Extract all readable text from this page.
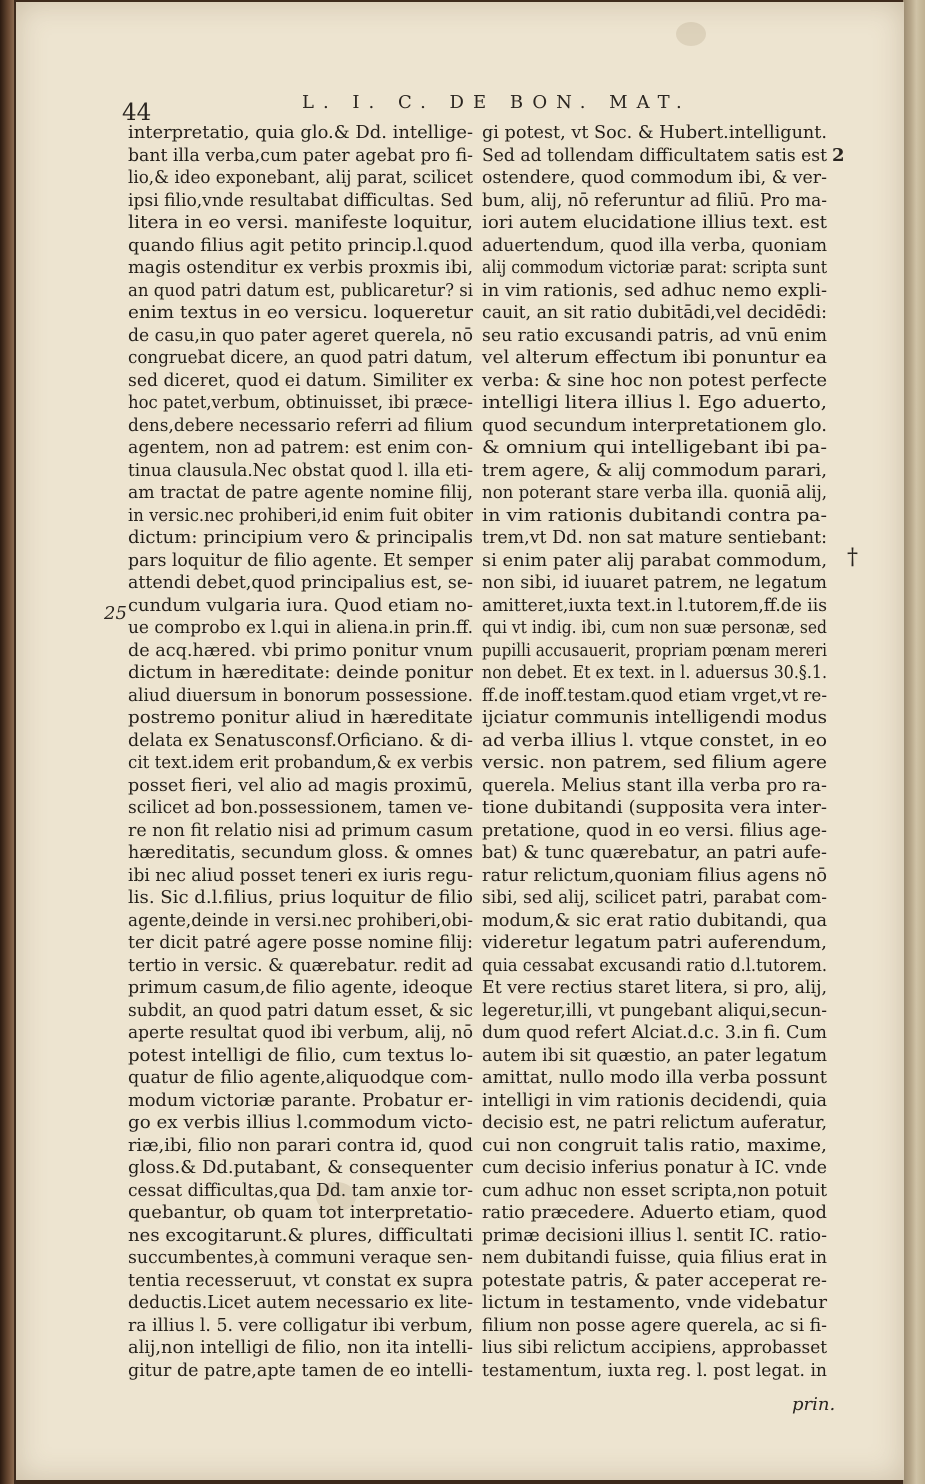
44	L. I. C. DE BON. MAT.
interpretatio, quia glo.& Dd. intellige-
bant illa verba,cum pater agebat pro fi-
lio,& ideo exponebant, alij parat, scilicet
ipsi filio,vnde resultabat difficultas. Sed
litera in eo versi. manifeste loquitur,
quando filius agit petito princip.l.quod
magis ostenditur ex verbis proxmis ibi,
an quod patri datum est, publicaretur? si
enim textus in eo versicu. loqueretur
de casu,in quo pater ageret querela, nō
congruebat dicere, an quod patri datum,
sed diceret, quod ei datum. Similiter ex
hoc patet,verbum, obtinuisset, ibi præce-
dens,debere necessario referri ad filium
agentem, non ad patrem: est enim con-
tinua clausula.Nec obstat quod l. illa eti-
am tractat de patre agente nomine filij,
in versic.nec prohiberi,id enim fuit obiter
dictum: principium vero & principalis
pars loquitur de filio agente. Et semper
attendi debet,quod principalius est, se-
cundum vulgaria iura. Quod etiam no-
ue comprobo ex l.qui in aliena.in prin.ff.
de acq.hæred. vbi primo ponitur vnum
dictum in hæreditate: deinde ponitur
aliud diuersum in bonorum possessione.
postremo ponitur aliud in hæreditate
delata ex Senatusconsf.Orficiano. & di-
cit text.idem erit probandum,& ex verbis
posset fieri, vel alio ad magis proximū,
scilicet ad bon.possessionem, tamen ve-
re non fit relatio nisi ad primum casum
hæreditatis, secundum gloss. & omnes
ibi nec aliud posset teneri ex iuris regu-
lis. Sic d.l.filius, prius loquitur de filio
agente,deinde in versi.nec prohiberi,obi-
ter dicit patré agere posse nomine filij:
tertio in versic. & quærebatur. redit ad
primum casum,de filio agente, ideoque
subdit, an quod patri datum esset, & sic
aperte resultat quod ibi verbum, alij, nō
potest intelligi de filio, cum textus lo-
quatur de filio agente,aliquodque com-
modum victoriæ parante. Probatur er-
go ex verbis illius l.commodum victo-
riæ,ibi, filio non parari contra id, quod
gloss.& Dd.putabant, & consequenter
cessat difficultas,qua Dd. tam anxie tor-
quebantur, ob quam tot interpretatio-
nes excogitarunt.& plures, difficultati
succumbentes,à communi veraque sen-
tentia recesseruut, vt constat ex supra
deductis.Licet autem necessario ex lite-
ra illius l. 5. vere colligatur ibi verbum,
alij,non intelligi de filio, non ita intelli-
gitur de patre,apte tamen de eo intelli-
gi potest, vt Soc. & Hubert.intelligunt.
Sed ad tollendam difficultatem satis est
ostendere, quod commodum ibi, & ver-
bum, alij, nō referuntur ad filiū. Pro ma-
iori autem elucidatione illius text. est
aduertendum, quod illa verba, quoniam
alij commodum victoriæ parat: scripta sunt
in vim rationis, sed adhuc nemo expli-
cauit, an sit ratio dubitādi,vel decidēdi:
seu ratio excusandi patris, ad vnū enim
vel alterum effectum ibi ponuntur ea
verba: & sine hoc non potest perfecte
intelligi litera illius l. Ego aduerto,
quod secundum interpretationem glo.
& omnium qui intelligebant ibi pa-
trem agere, & alij commodum parari,
non poterant stare verba illa. quoniā alij,
in vim rationis dubitandi contra pa-
trem,vt Dd. non sat mature sentiebant:
si enim pater alij parabat commodum,
non sibi, id iuuaret patrem, ne legatum
amitteret,iuxta text.in l.tutorem,ff.de iis
qui vt indig. ibi, cum non suæ personæ, sed
pupilli accusauerit, propriam pœnam mereri
non debet. Et ex text. in l. aduersus 30.§.1.
ff.de inoff.testam.quod etiam vrget,vt re-
ijciatur communis intelligendi modus
ad verba illius l. vtque constet, in eo
versic. non patrem, sed filium agere
querela. Melius stant illa verba pro ra-
tione dubitandi (supposita vera inter-
pretatione, quod in eo versi. filius age-
bat) & tunc quærebatur, an patri aufe-
ratur relictum,quoniam filius agens nō
sibi, sed alij, scilicet patri, parabat com-
modum,& sic erat ratio dubitandi, qua
videretur legatum patri auferendum,
quia cessabat excusandi ratio d.l.tutorem.
Et vere rectius staret litera, si pro, alij,
legeretur,illi, vt pungebant aliqui,secun-
dum quod refert Alciat.d.c. 3.in fi. Cum
autem ibi sit quæstio, an pater legatum
amittat, nullo modo illa verba possunt
intelligi in vim rationis decidendi, quia
decisio est, ne patri relictum auferatur,
cui non congruit talis ratio, maxime,
cum decisio inferius ponatur à IC. vnde
cum adhuc non esset scripta,non potuit
ratio præcedere. Aduerto etiam, quod
primæ decisioni illius l. sentit IC. ratio-
nem dubitandi fuisse, quia filius erat in
potestate patris, & pater acceperat re-
lictum in testamento, vnde videbatur
filium non posse agere querela, ac si fi-
lius sibi relictum accipiens, approbasset
testamentum, iuxta reg. l. post legat. in
25
2
†
prin.
